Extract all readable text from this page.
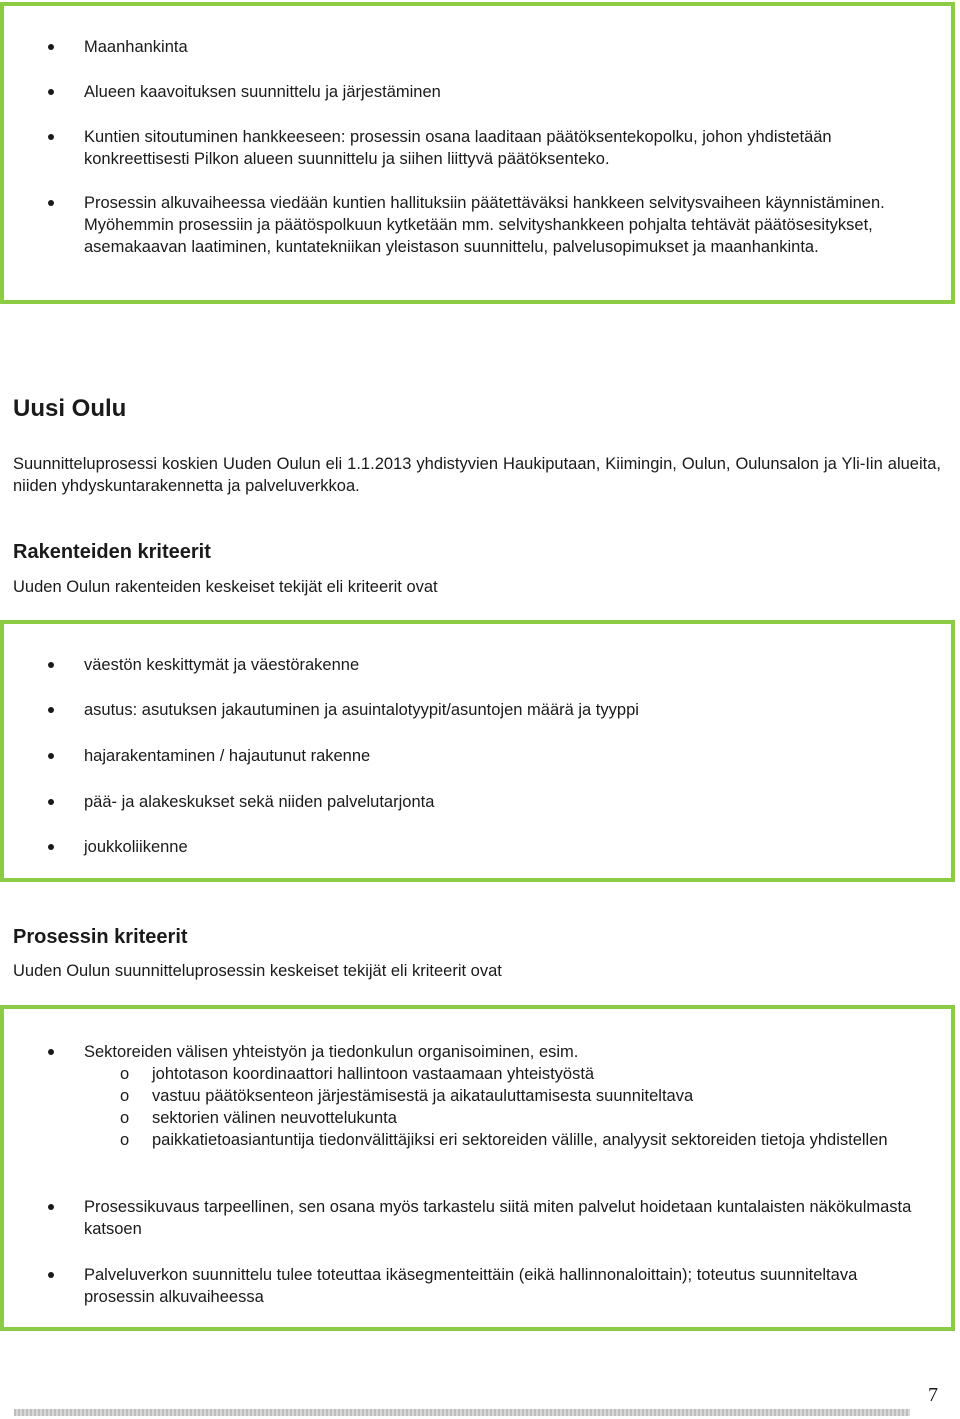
Maanhankinta
Alueen kaavoituksen suunnittelu ja järjestäminen
Kuntien sitoutuminen hankkeeseen: prosessin osana laaditaan päätöksentekopolku, johon yhdistetään konkreettisesti Pilkon alueen suunnittelu ja siihen liittyvä päätöksenteko.
Prosessin alkuvaiheessa viedään kuntien hallituksiin päätettäväksi hankkeen selvitysvaiheen käynnistäminen. Myöhemmin prosessiin ja päätöspolkuun kytketään mm. selvityshankkeen pohjalta tehtävät päätösesitykset, asemakaavan laatiminen, kuntatekniikan yleistason suunnittelu, palvelusopimukset ja maanhankinta.
Uusi Oulu

Suunnitteluprosessi koskien Uuden Oulun eli 1.1.2013 yhdistyvien Haukiputaan, Kiimingin, Oulun, Oulunsalon ja Yli-Iin alueita, niiden yhdyskuntarakennetta ja palveluverkkoa.

Rakenteiden kriteerit

Uuden Oulun rakenteiden keskeiset tekijät eli kriteerit ovat

väestön keskittymät ja väestörakenne
asutus: asutuksen jakautuminen ja asuintalotyypit/asuntojen määrä ja tyyppi
hajarakentaminen / hajautunut rakenne
pää- ja alakeskukset sekä niiden palvelutarjonta
joukkoliikenne
Prosessin kriteerit

Uuden Oulun suunnitteluprosessin keskeiset tekijät eli kriteerit ovat

Sektoreiden välisen yhteistyön ja tiedonkulun organisoiminen, esim.
o johtotason koordinaattori hallintoon vastaamaan yhteistyöstä
o vastuu päätöksenteon järjestämisestä ja aikatauluttamisesta suunniteltava
o sektorien välinen neuvottelukunta
o paikkatietoasiantuntija tiedonvälittäjiksi eri sektoreiden välille, analyysit sektoreiden tietoja yhdistellen
Prosessikuvaus tarpeellinen, sen osana myös tarkastelu siitä miten palvelut hoidetaan kuntalaisten näkökulmasta katsoen
Palveluverkon suunnittelu tulee toteuttaa ikäsegmenteittäin (eikä hallinnonaloittain); toteutus suunniteltava prosessin alkuvaiheessa
7
